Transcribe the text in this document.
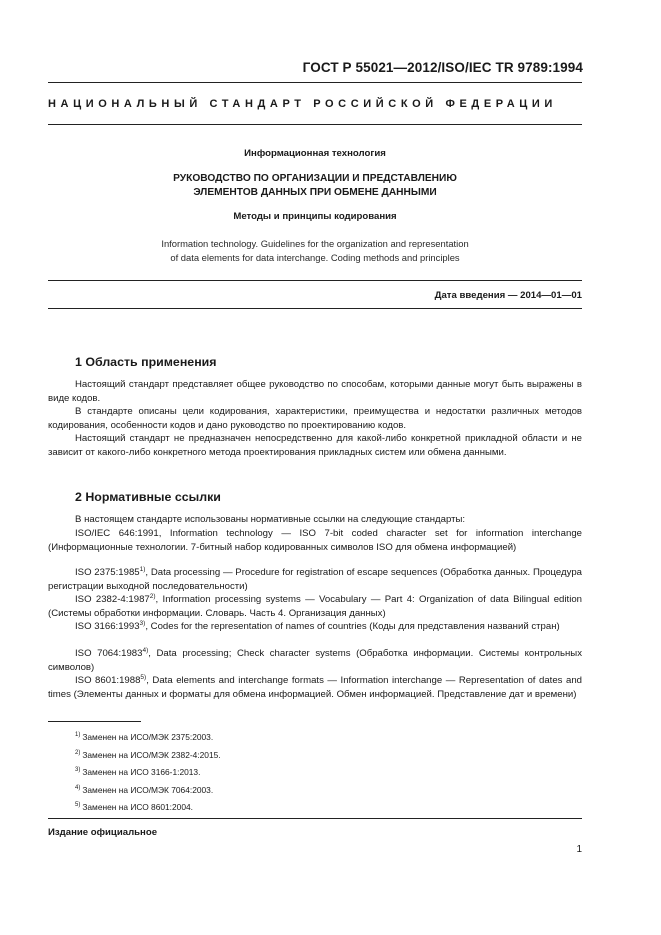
ГОСТ Р 55021—2012/ISO/IEC TR 9789:1994
НАЦИОНАЛЬНЫЙ СТАНДАРТ РОССИЙСКОЙ ФЕДЕРАЦИИ
Информационная технология
РУКОВОДСТВО ПО ОРГАНИЗАЦИИ И ПРЕДСТАВЛЕНИЮ
ЭЛЕМЕНТОВ ДАННЫХ ПРИ ОБМЕНЕ ДАННЫМИ
Методы и принципы кодирования
Information technology. Guidelines for the organization and representation
of data elements for data interchange. Coding methods and principles
Дата введения — 2014—01—01
1 Область применения
Настоящий стандарт представляет общее руководство по способам, которыми данные могут быть выражены в виде кодов.
В стандарте описаны цели кодирования, характеристики, преимущества и недостатки различных методов кодирования, особенности кодов и дано руководство по проектированию кодов.
Настоящий стандарт не предназначен непосредственно для какой-либо конкретной прикладной области и не зависит от какого-либо конкретного метода проектирования прикладных систем или обмена данными.
2 Нормативные ссылки
В настоящем стандарте использованы нормативные ссылки на следующие стандарты:
ISO/IEC 646:1991, Information technology — ISO 7-bit coded character set for information interchange (Информационные технологии. 7-битный набор кодированных символов ISO для обмена информацией)
ISO 2375:1985$^{1)}$, Data processing — Procedure for registration of escape sequences (Обработка данных. Процедура регистрации выходной последовательности)
ISO 2382-4:1987$^{2)}$, Information processing systems — Vocabulary — Part 4: Organization of data Bilingual edition (Системы обработки информации. Словарь. Часть 4. Организация данных)
ISO 3166:1993$^{3)}$, Codes for the representation of names of countries (Коды для представления названий стран)
ISO 7064:1983$^{4)}$, Data processing; Check character systems (Обработка информации. Системы контрольных символов)
ISO 8601:1988$^{5)}$, Data elements and interchange formats — Information interchange — Representation of dates and times (Элементы данных и форматы для обмена информацией. Обмен информацией. Представление дат и времени)
$^{1)}$ Заменен на ИСО/МЭК 2375:2003.
$^{2)}$ Заменен на ИСО/МЭК 2382-4:2015.
$^{3)}$ Заменен на ИСО 3166-1:2013.
$^{4)}$ Заменен на ИСО/МЭК 7064:2003.
$^{5)}$ Заменен на ИСО 8601:2004.
Издание официальное
1
